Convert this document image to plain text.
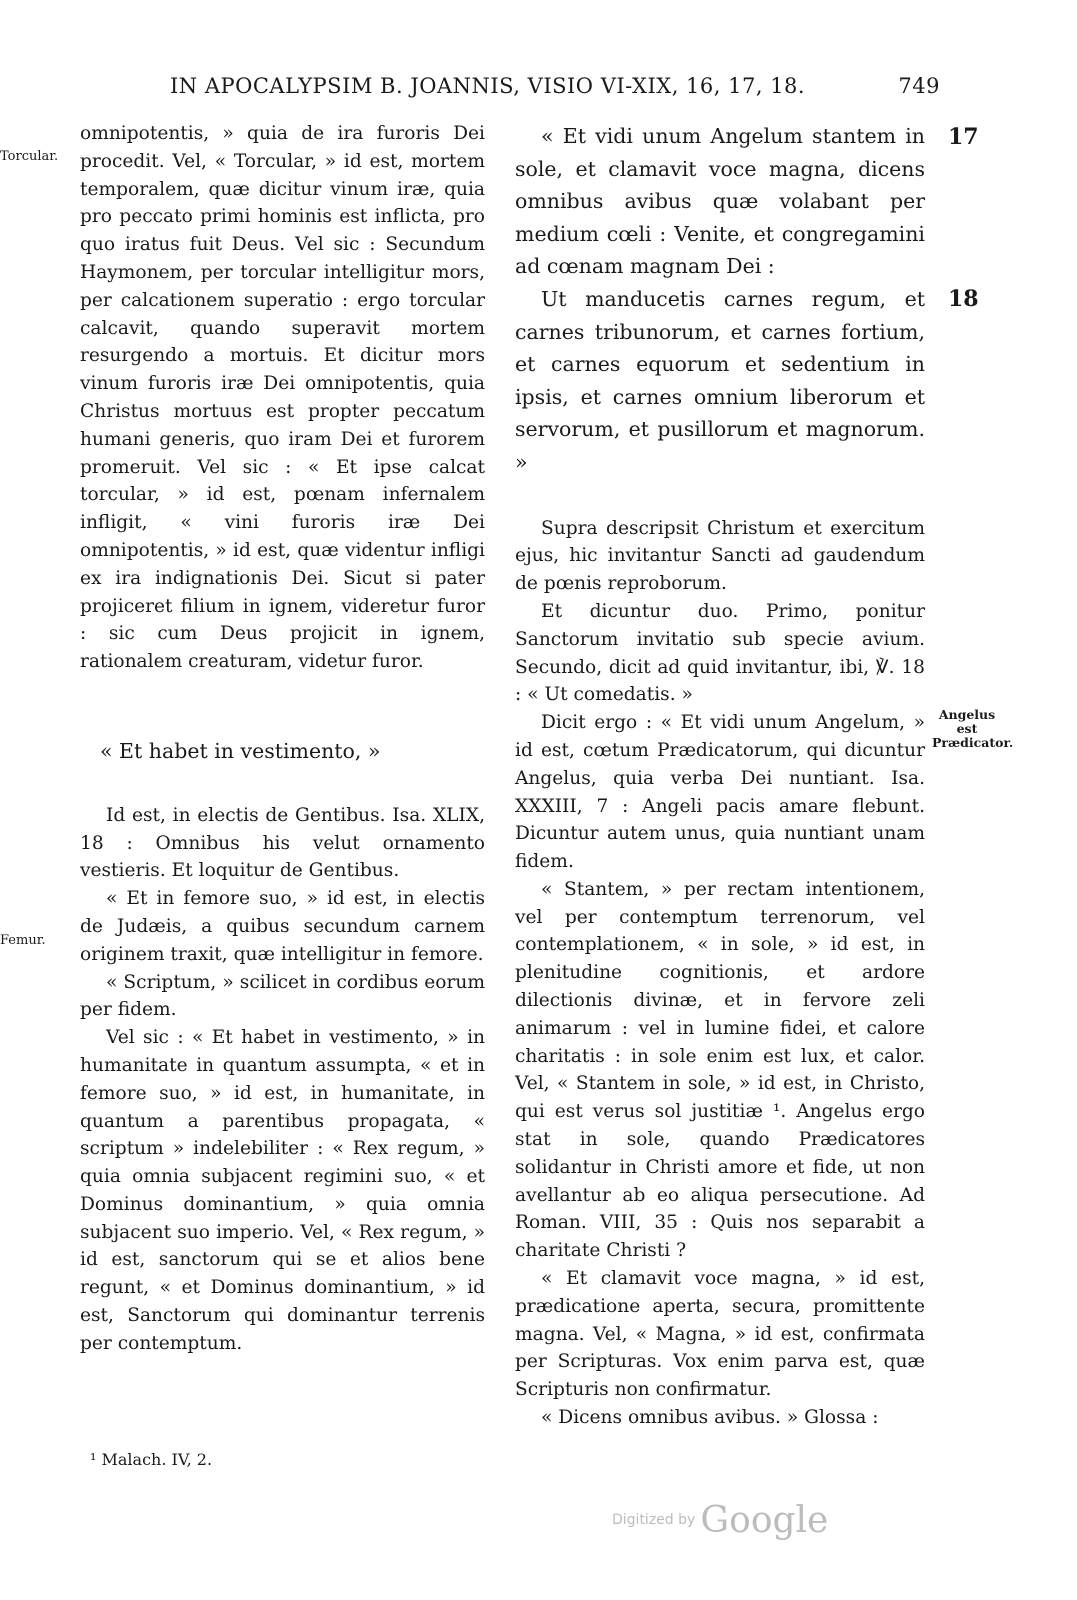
IN APOCALYPSIM B. JOANNIS, VISIO VI-XIX, 16, 17, 18.	749
Torcular.
Femur.
Angelus est Prædicator.
17
18

omnipotentis, » quia de ira furoris Dei procedit. Vel, « Torcular, » id est, mortem temporalem, quæ dicitur vinum iræ, quia pro peccato primi hominis est inflicta, pro quo iratus fuit Deus. Vel sic : Secundum Haymonem, per torcular intelligitur mors, per calcationem superatio : ergo torcular calcavit, quando superavit mortem resurgendo a mortuis. Et dicitur mors vinum furoris iræ Dei omnipotentis, quia Christus mortuus est propter peccatum humani generis, quo iram Dei et furorem promeruit. Vel sic : « Et ipse calcat torcular, » id est, pœnam infernalem infligit, « vini furoris iræ Dei omnipotentis, » id est, quæ videntur infligi ex ira indignationis Dei. Sicut si pater projiceret filium in ignem, videretur furor : sic cum Deus projicit in ignem, rationalem creaturam, videtur furor.

« Et habet in vestimento, »

Id est, in electis de Gentibus. Isa. XLIX, 18 : Omnibus his velut ornamento vestieris. Et loquitur de Gentibus.

« Et in femore suo, » id est, in electis de Judæis, a quibus secundum carnem originem traxit, quæ intelligitur in femore.

« Scriptum, » scilicet in cordibus eorum per fidem.

Vel sic : « Et habet in vestimento, » in humanitate in quantum assumpta, « et in femore suo, » id est, in humanitate, in quantum a parentibus propagata, « scriptum » indelebiliter : « Rex regum, » quia omnia subjacent regimini suo, « et Dominus dominantium, » quia omnia subjacent suo imperio. Vel, « Rex regum, » id est, sanctorum qui se et alios bene regunt, « et Dominus dominantium, » id est, Sanctorum qui dominantur terrenis per contemptum.

« Et vidi unum Angelum stantem in sole, et clamavit voce magna, dicens omnibus avibus quæ volabant per medium cœli : Venite, et congregamini ad cœnam magnam Dei :

Ut manducetis carnes regum, et carnes tribunorum, et carnes fortium, et carnes equorum et sedentium in ipsis, et carnes omnium liberorum et servorum, et pusillorum et magnorum. »

Supra descripsit Christum et exercitum ejus, hic invitantur Sancti ad gaudendum de pœnis reproborum.

Et dicuntur duo. Primo, ponitur Sanctorum invitatio sub specie avium. Secundo, dicit ad quid invitantur, ibi, ℣. 18 : « Ut comedatis. »

Dicit ergo : « Et vidi unum Angelum, » id est, cœtum Prædicatorum, qui dicuntur Angelus, quia verba Dei nuntiant. Isa. XXXIII, 7 : Angeli pacis amare flebunt. Dicuntur autem unus, quia nuntiant unam fidem.

« Stantem, » per rectam intentionem, vel per contemptum terrenorum, vel contemplationem, « in sole, » id est, in plenitudine cognitionis, et ardore dilectionis divinæ, et in fervore zeli animarum : vel in lumine fidei, et calore charitatis : in sole enim est lux, et calor. Vel, « Stantem in sole, » id est, in Christo, qui est verus sol justitiæ ¹. Angelus ergo stat in sole, quando Prædicatores solidantur in Christi amore et fide, ut non avellantur ab eo aliqua persecutione. Ad Roman. VIII, 35 : Quis nos separabit a charitate Christi ?

« Et clamavit voce magna, » id est, prædicatione aperta, secura, promittente magna. Vel, « Magna, » id est, confirmata per Scripturas. Vox enim parva est, quæ Scripturis non confirmatur.

« Dicens omnibus avibus. » Glossa :

¹ Malach. IV, 2.
Digitized by Google
